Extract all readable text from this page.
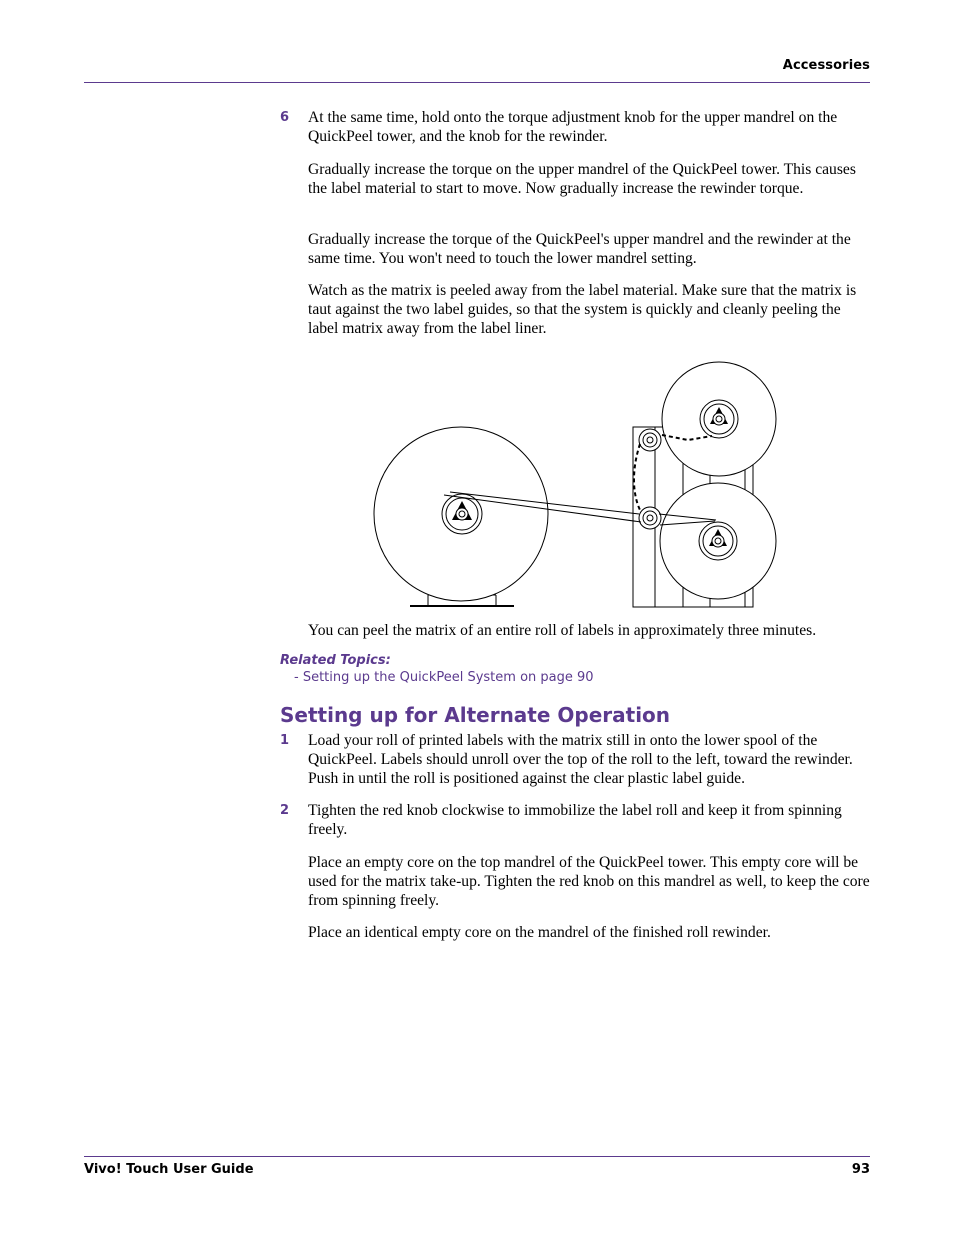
Accessories
6 At the same time, hold onto the torque adjustment knob for the upper mandrel on the QuickPeel tower, and the knob for the rewinder.
Gradually increase the torque on the upper mandrel of the QuickPeel tower. This causes the label material to start to move. Now gradually increase the rewinder torque.
Gradually increase the torque of the QuickPeel's upper mandrel and the rewinder at the same time. You won't need to touch the lower mandrel setting.
Watch as the matrix is peeled away from the label material. Make sure that the matrix is taut against the two label guides, so that the system is quickly and cleanly peeling the label matrix away from the label liner.
You can peel the matrix of an entire roll of labels in approximately three minutes.
Related Topics:
- Setting up the QuickPeel System on page 90
Setting up for Alternate Operation
1 Load your roll of printed labels with the matrix still in onto the lower spool of the QuickPeel. Labels should unroll over the top of the roll to the left, toward the rewinder. Push in until the roll is positioned against the clear plastic label guide.
2 Tighten the red knob clockwise to immobilize the label roll and keep it from spinning freely.
Place an empty core on the top mandrel of the QuickPeel tower. This empty core will be used for the matrix take-up. Tighten the red knob on this mandrel as well, to keep the core from spinning freely.
Place an identical empty core on the mandrel of the finished roll rewinder.
Vivo! Touch User Guide	93
